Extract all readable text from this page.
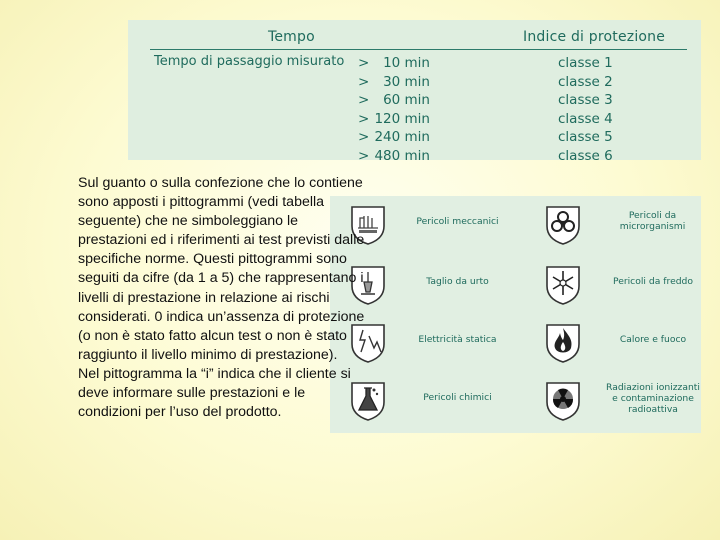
Tempo	Indice di protezione
Tempo di passaggio misurato >
>
>
>
>
>
10 min
30 min
60 min
120 min
240 min
480 min
classe 1
classe 2
classe 3
classe 4
classe 5
classe 6
Pericoli meccanici
Taglio da urto
Elettricità statica
Pericoli chimici
Pericoli da microrganismi
Pericoli da freddo
Calore e fuoco
Radiazioni ionizzanti e contaminazione radioattiva

Sul guanto o sulla confezione che lo contiene sono apposti i pittogrammi (vedi tabella seguente) che ne simboleggiano le prestazioni ed i riferimenti ai test previsti dalle specifiche norme. Questi pittogrammi sono seguiti da cifre (da 1 a 5) che rappresentano i livelli di prestazione in relazione ai rischi considerati. 0 indica un’assenza di protezione (o non è stato fatto alcun test o non è stato raggiunto il livello minimo di prestazione).

Nel pittogramma la “i” indica che il cliente si deve informare sulle prestazioni e le condizioni per l’uso del prodotto.
